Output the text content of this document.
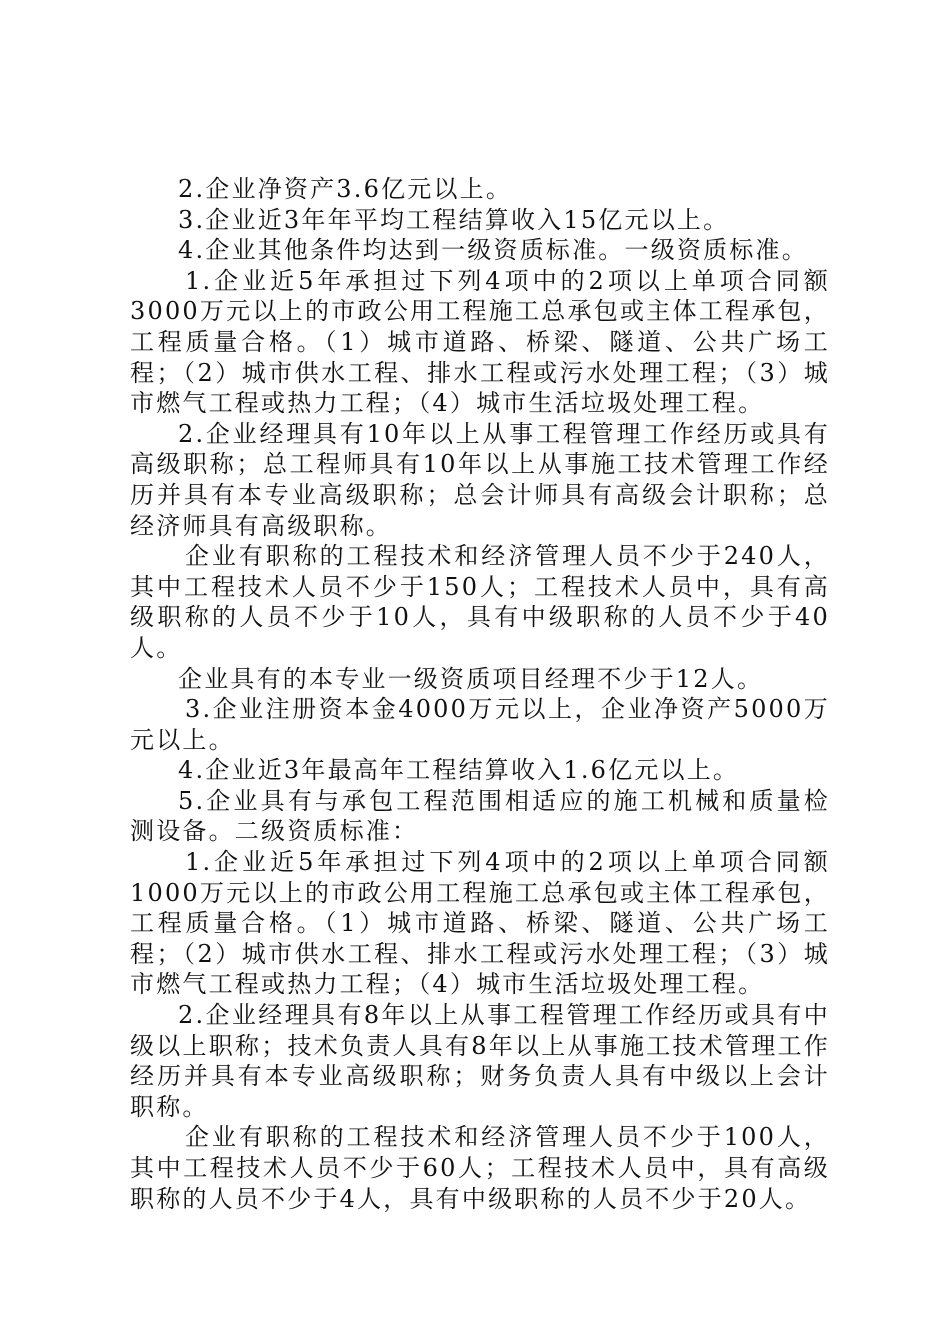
2.企业净资产3.6亿元以上。

3.企业近3年年平均工程结算收入15亿元以上。

4.企业其他条件均达到一级资质标准。一级资质标准。

1.企业近5年承担过下列4项中的2项以上单项合同额3000万元以上的市政公用工程施工总承包或主体工程承包，工程质量合格。（1）城市道路、桥梁、隧道、公共广场工程；（2）城市供水工程、排水工程或污水处理工程；（3）城市燃气工程或热力工程；（4）城市生活垃圾处理工程。

2.企业经理具有10年以上从事工程管理工作经历或具有高级职称；总工程师具有10年以上从事施工技术管理工作经历并具有本专业高级职称；总会计师具有高级会计职称；总经济师具有高级职称。

企业有职称的工程技术和经济管理人员不少于240人，其中工程技术人员不少于150人；工程技术人员中，具有高级职称的人员不少于10人，具有中级职称的人员不少于40人。

企业具有的本专业一级资质项目经理不少于12人。

3.企业注册资本金4000万元以上，企业净资产5000万元以上。

4.企业近3年最高年工程结算收入1.6亿元以上。

5.企业具有与承包工程范围相适应的施工机械和质量检测设备。二级资质标准：

1.企业近5年承担过下列4项中的2项以上单项合同额1000万元以上的市政公用工程施工总承包或主体工程承包，工程质量合格。（1）城市道路、桥梁、隧道、公共广场工程；（2）城市供水工程、排水工程或污水处理工程；（3）城市燃气工程或热力工程；（4）城市生活垃圾处理工程。

2.企业经理具有8年以上从事工程管理工作经历或具有中级以上职称；技术负责人具有8年以上从事施工技术管理工作经历并具有本专业高级职称；财务负责人具有中级以上会计职称。

企业有职称的工程技术和经济管理人员不少于100人，其中工程技术人员不少于60人；工程技术人员中，具有高级职称的人员不少于4人，具有中级职称的人员不少于20人。
